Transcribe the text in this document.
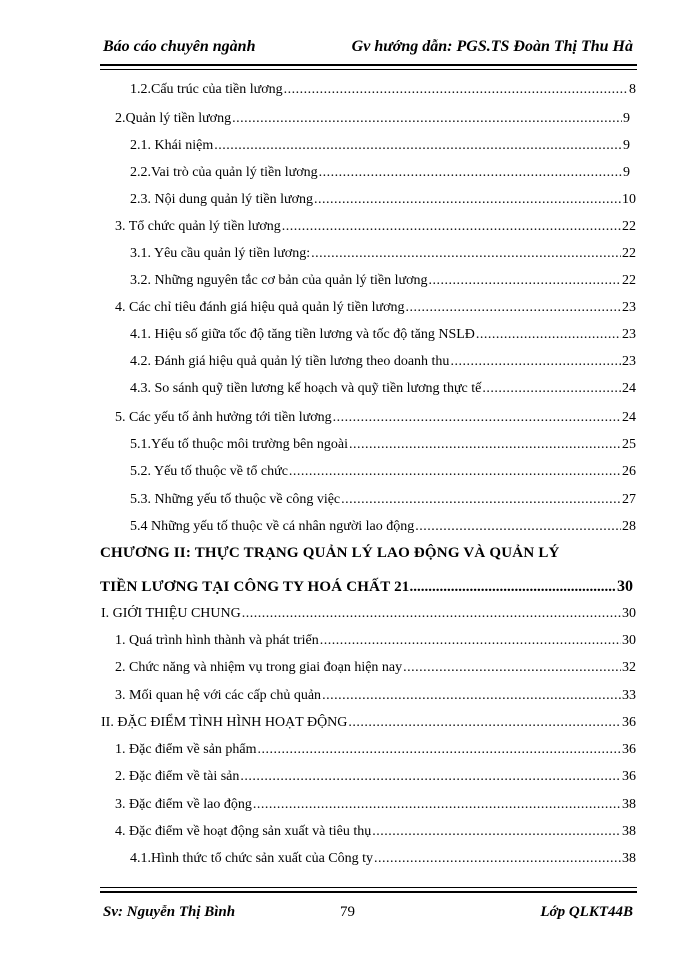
Báo cáo chuyên ngành	Gv hướng dẫn: PGS.TS Đoàn Thị Thu Hà
1.2.Cấu trúc của tiền lương .....	8
2.Quản lý tiền lương .....	9
2.1. Khái niệm .....	9
2.2.Vai trò của quản lý tiền lương .....	9
2.3. Nội dung quản lý tiền lương .....	10
3. Tổ chức quản lý tiền lương .....	22
3.1. Yêu cầu quản lý tiền lương: .....	22
3.2. Những nguyên tắc cơ bản của quản lý tiền lương .....	22
4. Các chỉ tiêu đánh giá hiệu quả quản lý tiền lương .....	23
4.1. Hiệu số giữa tốc độ tăng tiền lương và tốc độ tăng NSLĐ .....	23
4.2. Đánh giá hiệu quả quản lý tiền lương theo doanh thu .....	23
4.3. So sánh quỹ tiền lương kế hoạch và quỹ tiền lương thực tế .....	24
5. Các yếu tố ảnh hưởng tới tiền lương .....	24
5.1.Yếu tố thuộc môi trường bên ngoài .....	25
5.2. Yếu tố thuộc về tổ chức .....	26
5.3. Những yếu tố thuộc về công việc .....	27
5.4 Những yếu tố thuộc về cá nhân người lao động .....	28
CHƯƠNG II: THỰC TRẠNG QUẢN LÝ LAO ĐỘNG VÀ QUẢN LÝ
TIỀN LƯƠNG TẠI CÔNG TY HOÁ CHẤT 21 .....	30
I. GIỚI THIỆU CHUNG .....	30
1. Quá trình hình thành và phát triển .....	30
2. Chức năng và nhiệm vụ trong giai đoạn hiện nay .....	32
3. Mối quan hệ với các cấp chủ quản .....	33
II. ĐẶC ĐIỂM TÌNH HÌNH HOẠT ĐỘNG .....	36
1. Đặc điểm về sản phẩm .....	36
2. Đặc điểm về tài sản .....	36
3. Đặc điểm về lao động .....	38
4. Đặc điểm về hoạt động sản xuất và tiêu thụ .....	38
4.1.Hình thức tổ chức sản xuất của Công ty .....	38
Sv: Nguyễn Thị Bình	79	Lớp QLKT44B
